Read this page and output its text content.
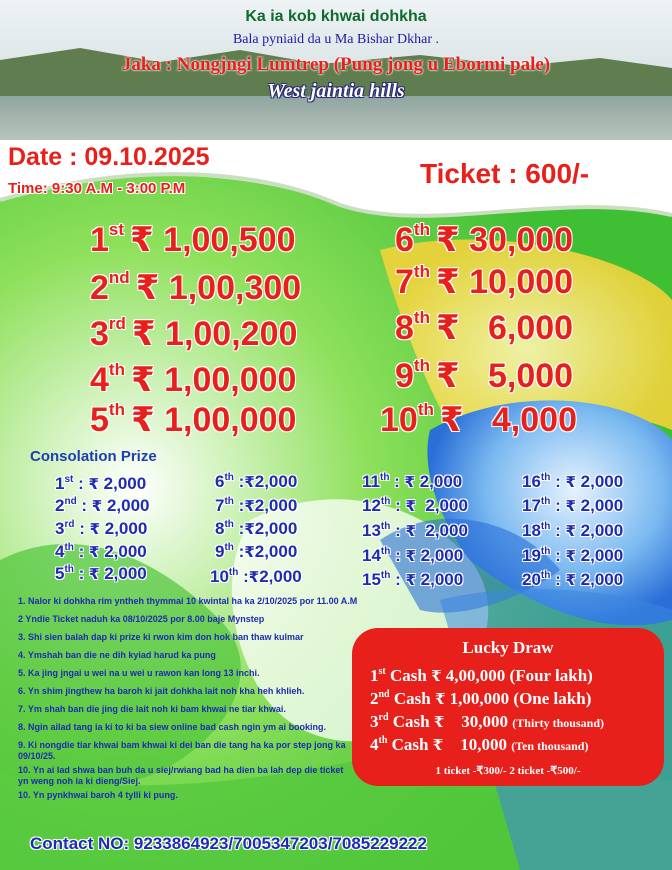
Ka ia kob khwai dohkha
Bala pyniaid da u Ma Bishar Dkhar .
Jaka : Nongjngi Lumtrep (Pung jong u Ebormi pale)
West jaintia hills
Date : 09.10.2025
Time: 9:30 A.M - 3:00 P.M	Ticket : 600/-
1st ₹ 1,00,500
2nd ₹ 1,00,300
3rd ₹ 1,00,200
4th ₹ 1,00,000
5th ₹ 1,00,000
6th ₹ 30,000
7th ₹ 10,000
8th ₹ 6,000
9th ₹ 5,000
10th ₹ 4,000
Consolation Prize
1st : ₹ 2,000
2nd : ₹ 2,000
3rd : ₹ 2,000
4th : ₹ 2,000
5th : ₹ 2,000
6th :₹2,000
7th :₹2,000
8th :₹2,000
9th :₹2,000
10th :₹2,000
11th : ₹ 2,000
12th : ₹ 2,000
13th : ₹ 2,000
14th : ₹ 2,000
15th : ₹ 2,000
16th : ₹ 2,000
17th : ₹ 2,000
18th : ₹ 2,000
19th : ₹ 2,000
20th : ₹ 2,000
1. Nalor ki dohkha rim yntheh thymmai 10 kwintal ha ka 2/10/2025 por 11.00 A.M
2 Yndie Ticket naduh ka 08/10/2025 por 8.00 baje Mynstep
3. Shi sien balah dap ki prize ki rwon kim don hok ban thaw kulmar
4. Ymshah ban die ne dih kyiad harud ka pung
5. Ka jing jngai u wei na u wei u rawon kan long 13 inchi.
6. Yn shim jingthew ha baroh ki jait dohkha lait noh kha heh khlieh.
7. Ym shah ban die jing die lait noh ki bam khwai ne tiar khwai.
8. Ngin ailad tang ia ki to ki ba siew online bad cash ngin ym ai booking.
9. Ki nongdie tiar khwai bam khwai ki dei ban die tang ha ka por step jong ka 09/10/25.
10. Yn ai lad shwa ban buh da u siej/rwiang bad ha dien ba lah dep die ticket yn weng noh ia ki dieng/Siej.
10. Yn pynkhwai baroh 4 tylli ki pung.
Lucky Draw
1st Cash ₹ 4,00,000 (Four lakh)
2nd Cash ₹ 1,00,000 (One lakh)
3rd Cash ₹ 30,000 (Thirty thousand)
4th Cash ₹ 10,000 (Ten thousand)
1 ticket -₹300/- 2 ticket -₹500/-
Contact NO: 9233864923/7005347203/7085229222
